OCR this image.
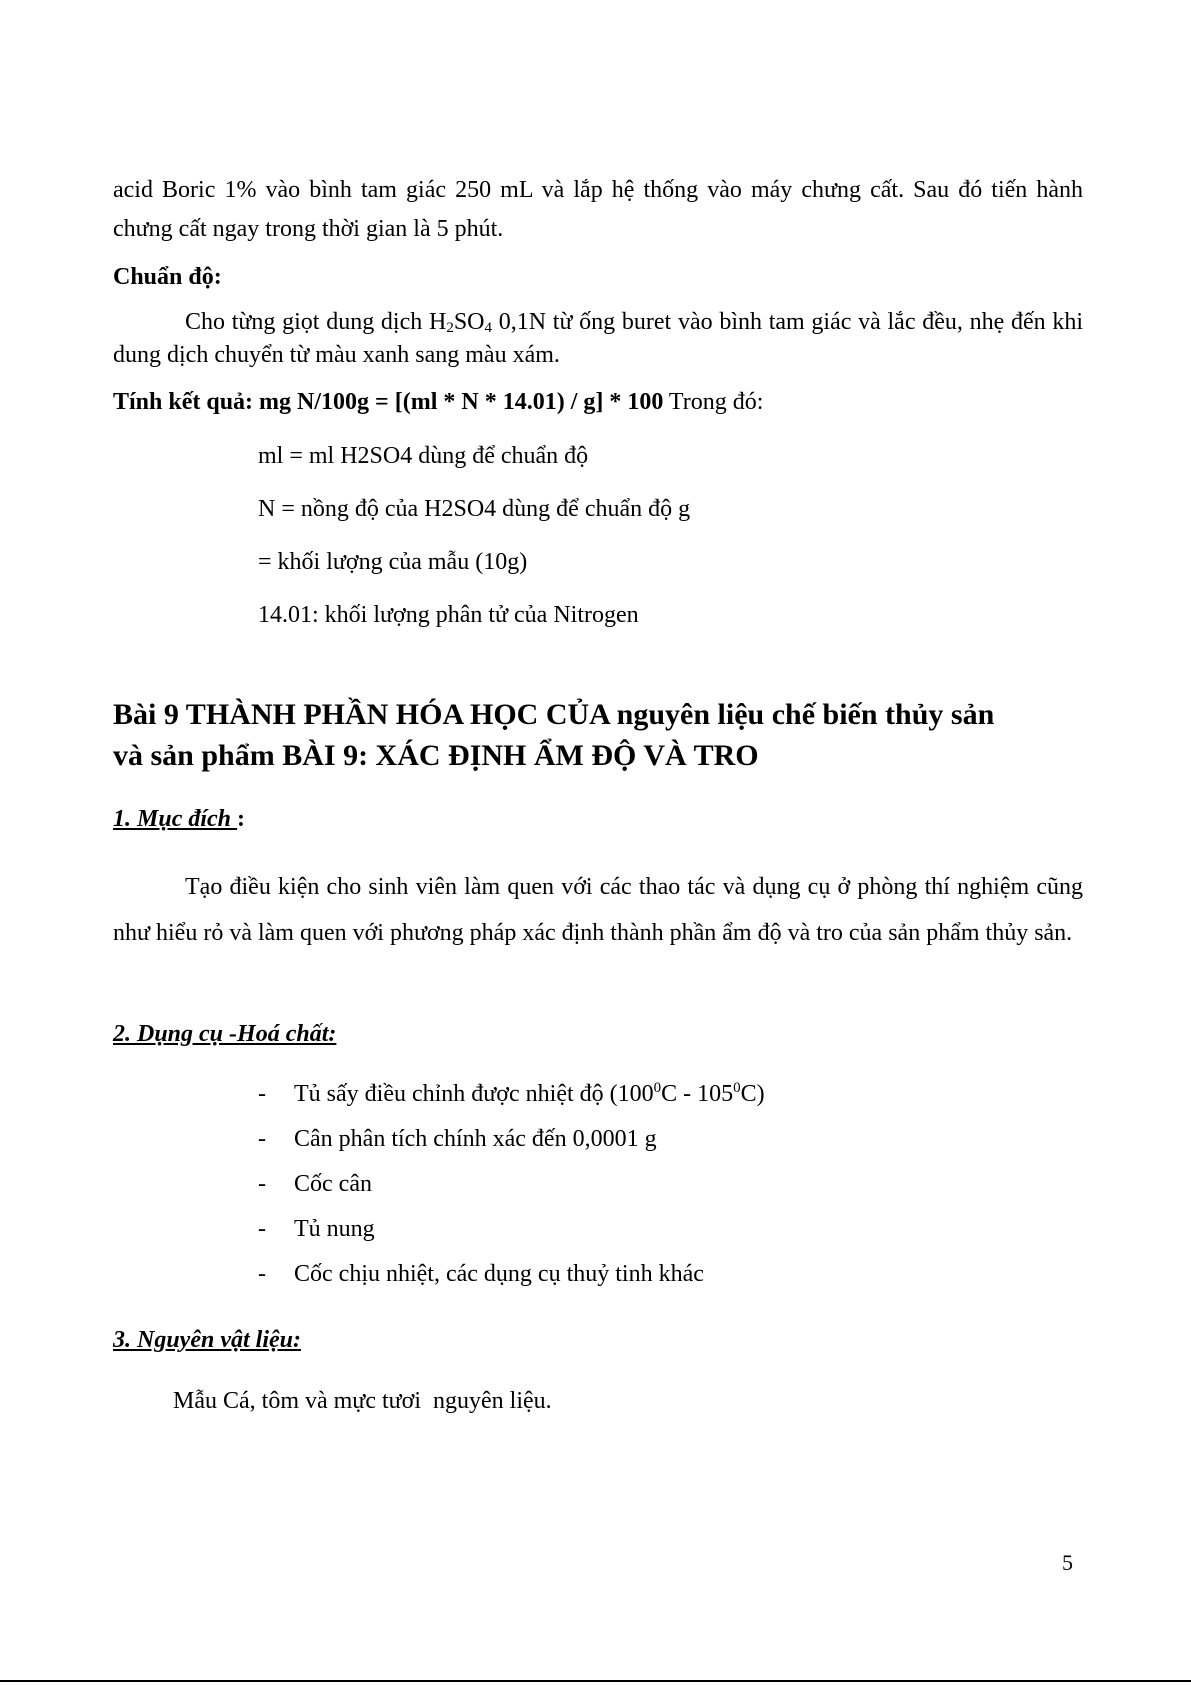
acid Boric 1% vào bình tam giác 250 mL và lắp hệ thống vào máy chưng cất. Sau đó tiến hành chưng cất ngay trong thời gian là 5 phút.

Chuẩn độ:

Cho từng giọt dung dịch $H_2SO_4$ 0,1N từ ống buret vào bình tam giác và lắc đều, nhẹ đến khi dung dịch chuyển từ màu xanh sang màu xám.

Tính kết quả: mg N/100g = [(ml * N * 14.01) / g] * 100 Trong đó:

ml = ml H2SO4 dùng để chuẩn độ

N = nồng độ của H2SO4 dùng để chuẩn độ g

= khối lượng của mẫu (10g)

14.01: khối lượng phân tử của Nitrogen

Bài 9 THÀNH PHẦN HÓA HỌC CỦA nguyên liệu chế biến thủy sản
và sản phẩm BÀI 9: XÁC ĐỊNH ẨM ĐỘ VÀ TRO

1. Mục đích :

Tạo điều kiện cho sinh viên làm quen với các thao tác và dụng cụ ở phòng thí nghiệm cũng như hiểu rỏ và làm quen với phương pháp xác định thành phần ẩm độ và tro của sản phẩm thủy sản.

2. Dụng cụ -Hoá chất:

- Tủ sấy điều chỉnh được nhiệt độ $(100^0C - 105^0C)$
- Cân phân tích chính xác đến 0,0001 g
- Cốc cân
- Tủ nung
- Cốc chịu nhiệt, các dụng cụ thuỷ tinh khác

3. Nguyên vật liệu:

Mẫu Cá, tôm và mực tươi  nguyên liệu.

5
